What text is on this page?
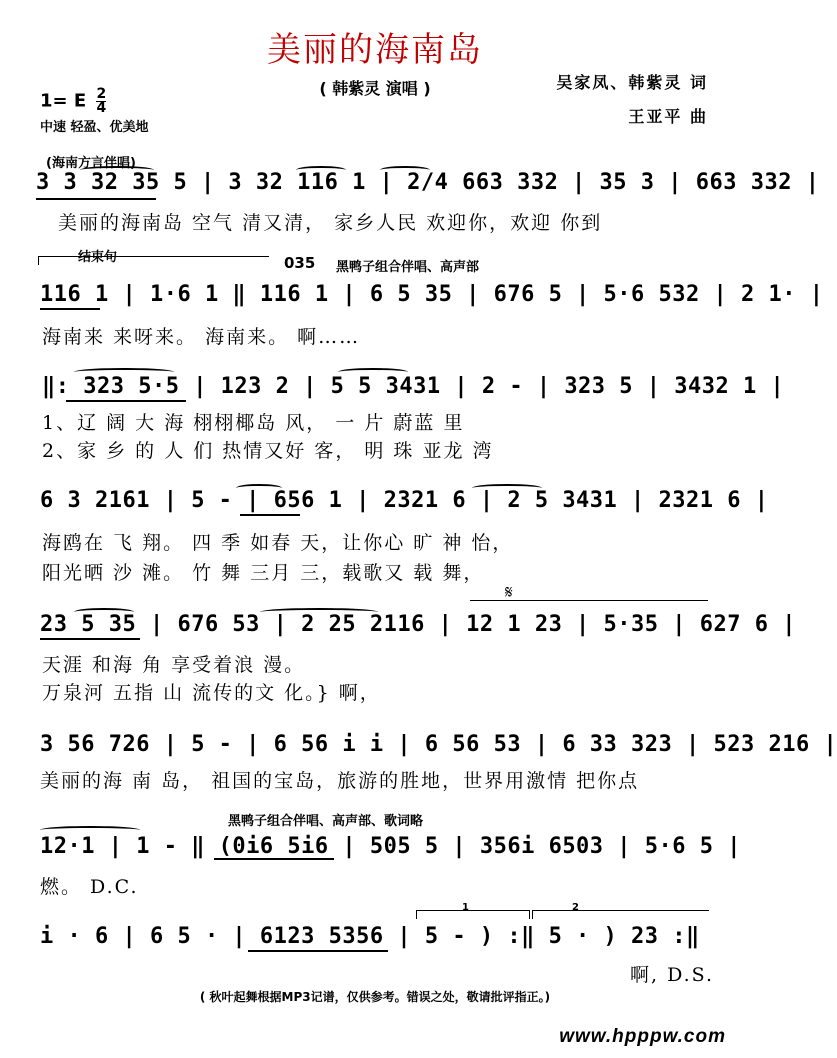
美丽的海南岛
( 韩紫灵 演唱 )	吴家凤、韩紫灵 词
王亚平 曲
1= E $\frac{2}{4}$
中速 轻盈、优美地
(海南方言伴唱)
结束句	035 黑鸭子组合伴唱、高声部
黑鸭子组合伴唱、高声部、歌词略
𝄋
3 3 32 35 5 | 3 32 116 1 | 2/4 663 332 | 35 3 | 663 332 |
美丽的海南岛 空气 清又清， 家乡人民 欢迎你，欢迎 你到
116 1 | 1·6 1 ‖ 116 1 | 6 5 35 | 676 5 | 5·6 532 | 2 1· |
海南来 来呀来。 海南来。 啊……
‖: 323 5·5 | 123 2 | 5 5 3431 | 2 - | 323 5 | 3432 1 |
1、辽 阔 大 海 栩栩椰岛 风， 一 片 蔚蓝 里
2、家 乡 的 人 们 热情又好 客， 明 珠 亚龙 湾
6 3 2161 | 5 - | 656 1 | 2321 6 | 2 5 3431 | 2321 6 |
海鸥在 飞 翔。 四 季 如春 天，让你心 旷 神 怡，
阳光晒 沙 滩。 竹 舞 三月 三，载歌又 载 舞，
23 5 35 | 676 53 | 2 25 2116 | 12 1 23 | 5·35 | 627 6 |
天涯 和海 角 享受着浪 漫。
万泉河 五指 山 流传的文 化。} 啊，
3 56 726 | 5 - | 6 56 i i | 6 56 53 | 6 33 323 | 523 216 |
美丽的海 南 岛， 祖国的宝岛，旅游的胜地，世界用激情 把你点
12·1 | 1 - ‖ (0i6 5i6 | 505 5 | 356i 6503 | 5·6 5 |
燃。 D.C.
1	2
i · 6 | 6 5 · | 6123 5356 | 5 - ) :‖ 5 · ) 23 :‖
啊, D.S.
( 秋叶起舞根据MP3记谱，仅供参考。错误之处，敬请批评指正。)
www.hpppw.com
